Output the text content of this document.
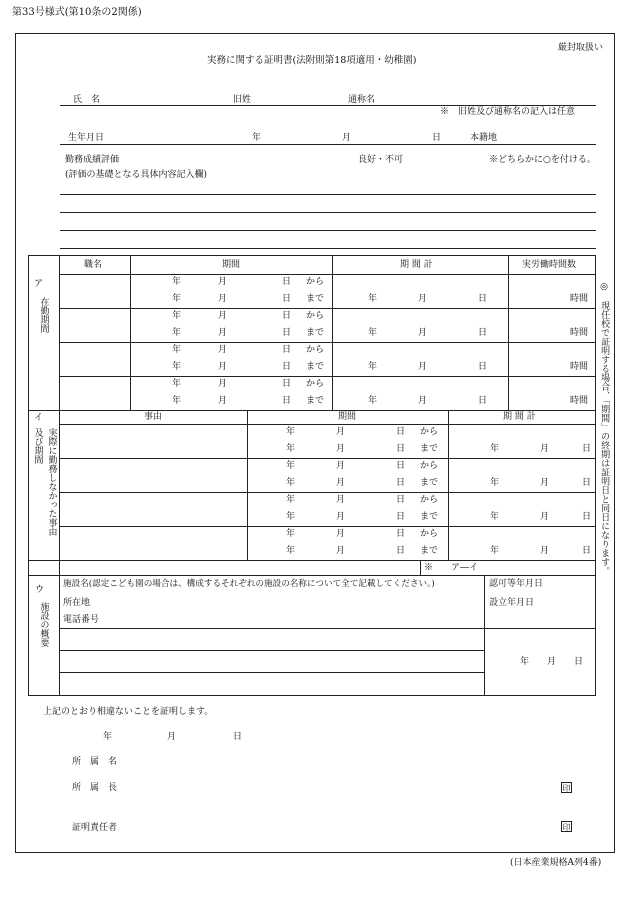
第33号様式(第10条の2関係)
厳封取扱い
実務に関する証明書(法附則第18項適用・幼稚園)
氏　名	旧姓	通称名
※　旧姓及び通称名の記入は任意
生年月日	年	月	日	本籍地
勤務成績評価	良好・不可	※どちらかに○を付ける。
(評価の基礎となる具体内容記入欄)
ア
在勤期間
職名	期間	期 間 計	実労働時間数
年	月	日 から
年	月	日 まで	年	月	日	時間
年	月	日 から
年	月	日 まで	年	月	日	時間
年	月	日 から
年	月	日 まで	年	月	日	時間
年	月	日 から
年	月	日 まで	年	月	日	時間
イ
実際に勤務しなかった事由
及び期間
事由	期間	期 間 計
年	月	日 から
年	月	日 まで	年	月	日
年	月	日 から
年	月	日 まで	年	月	日
年	月	日 から
年	月	日 まで	年	月	日
年	月	日 から
年	月	日 まで	年	月	日
※　　ア―イ
ウ
施設の概要
施設名(認定こども園の場合は、構成するそれぞれの施設の名称について全て記載してください。)
所在地
電話番号
認可等年月日
設立年月日
年　　月　　日
◎　現任校で証明する場合、「期間」の終期は証明日と同日になります。
上記のとおり相違ないことを証明します。
年	月	日
所　属　名
所　属　長	印
証明責任者	印
(日本産業規格A列4番)
